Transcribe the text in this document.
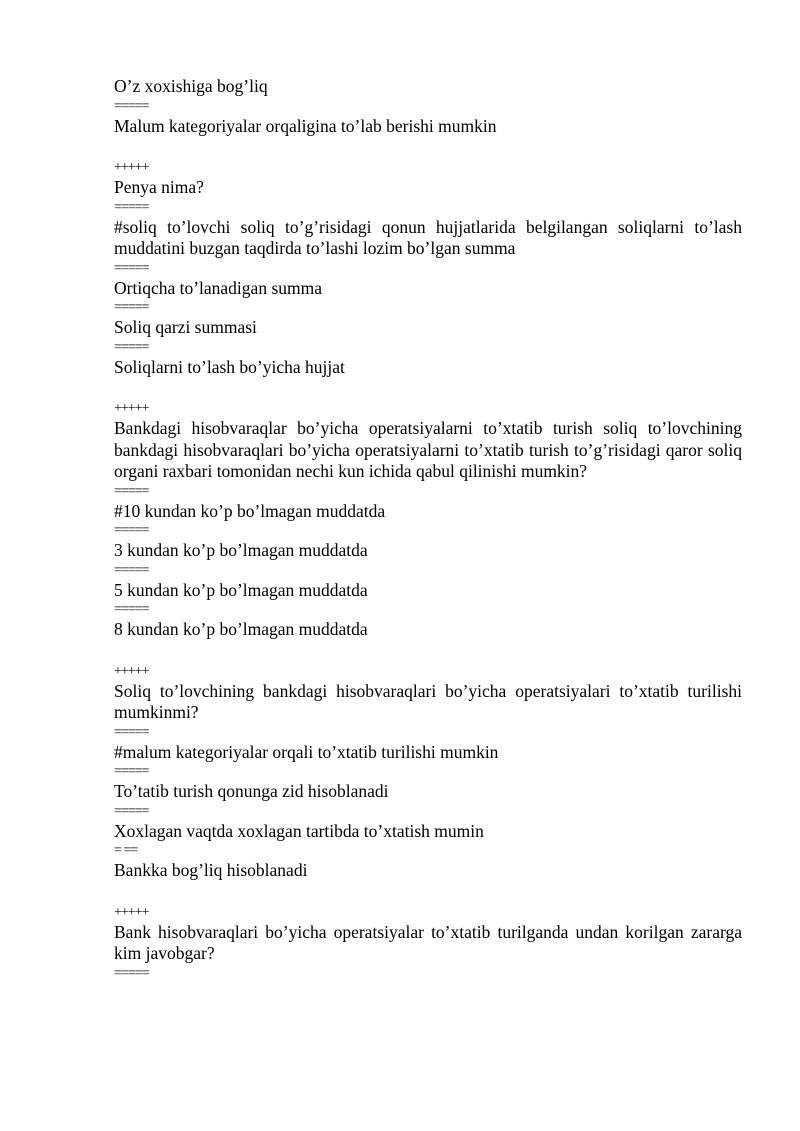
O’z xoxishiga bog’liq
=====
Malum kategoriyalar orqaligina to’lab berishi mumkin
+++++
Penya nima?
=====
#soliq to’lovchi soliq to’g’risidagi qonun hujjatlarida belgilangan soliqlarni to’lash muddatini buzgan taqdirda to’lashi lozim bo’lgan summa
=====
Ortiqcha to’lanadigan summa
=====
Soliq qarzi summasi
=====
Soliqlarni to’lash bo’yicha hujjat
+++++
Bankdagi hisobvaraqlar bo’yicha operatsiyalarni to’xtatib turish soliq to’lovchining bankdagi hisobvaraqlari bo’yicha operatsiyalarni to’xtatib turish to’g’risidagi qaror soliq organi raxbari tomonidan nechi kun ichida qabul qilinishi mumkin?
=====
#10 kundan ko’p bo’lmagan muddatda
=====
3 kundan ko’p bo’lmagan muddatda
=====
5 kundan ko’p bo’lmagan muddatda
=====
8 kundan ko’p bo’lmagan muddatda
+++++
Soliq to’lovchining bankdagi hisobvaraqlari bo’yicha operatsiyalari to’xtatib turilishi mumkinmi?
=====
#malum kategoriyalar orqali to’xtatib turilishi mumkin
=====
To’tatib turish qonunga zid hisoblanadi
=====
Xoxlagan vaqtda xoxlagan tartibda to’xtatish mumin
= ==
Bankka bog’liq hisoblanadi
+++++
Bank hisobvaraqlari bo’yicha operatsiyalar to’xtatib turilganda undan korilgan zararga kim javobgar?
=====
